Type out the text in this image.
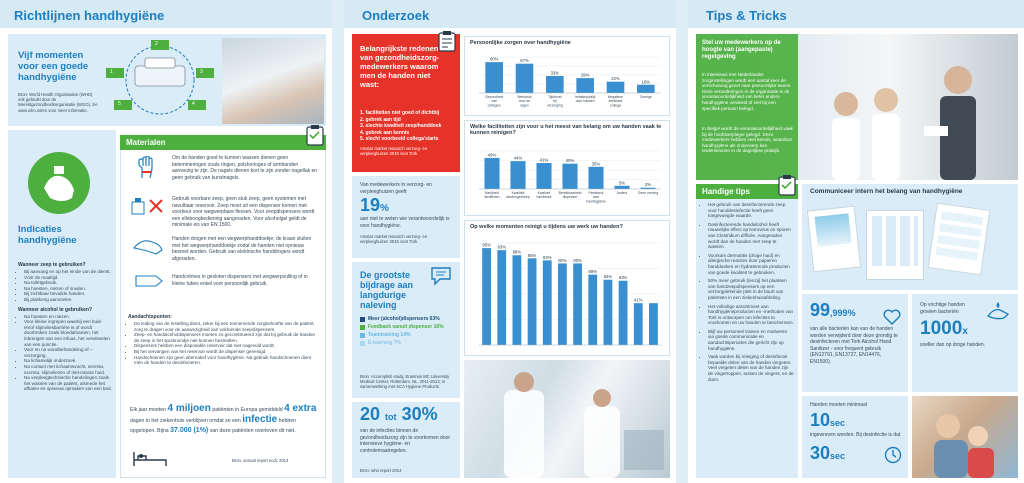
Richtlijnen handhygiëne
Vijf momenten voor een goede handhygiëne
Bron: World Health Organisation (WHO) ook gebruikt door de Wereldgezondheidsorganisatie (WGO), zie www.who.int/en voor meer informatie.
1
2
3
4
5
Indicaties handhygiëne
Wanneer zeep te gebruiken?
• Bij aanvang en op het einde van de dienst.
• Vóór de maaltijd.
• Na toiletgebruik.
• Na hoesten, niezen of snuiten.
• Bij zichtbaar bevuilde handen.
• Bij plakkerig aanvoelen.
Wanneer alcohol te gebruiken?
• Na hoesten en niezen.
• Voor kleine ingrepen waarbij een huid- en/of slijmvliesbarrière is of wordt doorbroken zoals bloedafnamen, het inbrengen van een infuus, het verwisselen van een punctie.
• Voor en na wondbehandeling of –verzorging.
• Na lichamelijk onderzoek.
• Na contact met lichaamsvocht, secreta, excreta, slijmvliezen of niet-intacte huid.
• Na verpleegtechnische handelingen zoals het wassen van de patiënt, alsmede het afhalen en opnieuw opmaken van een bed.
Materialen
Om de handen goed te kunnen wassen dienen geen belemmeringen zoals ringen, polshorloges of armbanden aanwezig te zijn. De nagels dienen kort te zijn zonder nagellak en geen gebruik van kunstnagels.
Gebruik voorbare zeep, geen stuk zeep, geen systemen met navulbaar reservoir. Zeep moet uit een dispenser komen met voorkeur voor wegwerpbare flessen. Voor zeepdispensers wordt een elleboogbediening aangeraden. Voor alcoholgel geldt de minimale eis van EN 1500.
Handen drogen met een wegwerphanddoekje; de kraan sluiten met het wegwerphanddoekje zodat de handen niet opnieuw besmet worden. Gebruik van elektrische handdrogers wordt afgeraden.
Handcrèmes in gesloten dispensers met wegwerpvulling of in kleine tubes enkel voor persoonlijk gebruik.
Aandachtspunten:
• De leiding van de instelling dient, zeker bij een toenemende zorgbehoefte van de patiënt, zorg te dragen voor de aanwezigheid van voldoende zeepdispensers.
• Zeep- en handalcoholdispensers moeten zo geconstrueerd zijn dat bij gebruik de handen de zeep in het spuitmondje niet kunnen besmetten.
• Dispensers hebben een disposable reservoir dat niet nagevuld wordt.
• Bij het vervangen van het reservoir wordt de dispenser gereinigd.
• Handschoenen zijn geen alternatief voor handhygiëne. Na gebruik handschoenen dient men de handen te desinfecteren.
Elk jaar moeten 4 miljoen patiënten in Europa gemiddeld 4 extra dagen in het ziekenhuis verblijven omdat ze een infectie hebben opgelopen. Bijna 37.000 (1%) van deze patiënten overleven dit niet.
Bron: annual report ecdc 2013
Onderzoek
Belangrijkste redenen van gezondheidszorg-medewerkers waarom men de handen niet wast:
1. faciliteiten niet goed of dichtbij
2. gebrek aan tijd
3. slechte kwaliteit zeep/handdoek
4. gebrek aan kennis
5. slecht voorbeeld collega's/arts
Amstar market research verzorg- en verpleeghuizen 2015 voor Tork
Van medewerkers in verzorg- en verpleeghuizen geeft
19%
aan niet te weten wie verantwoordelijk is voor handhygiëne.
Amstar market research verzorg- en verpleeghuizen 2015 voor Tork
De grootste bijdrage aan langdurige naleving
Meer (alcohol)dispensers 63%
Feedback vanuit dispenser 16%
Teamtraining 14%
E-learning 7%
Bron: Accomplish study, Erasmus MC University Medical Center, Rotterdam, NL, 2011-2013; in samenwerking met SCA Hygiene Products
20 tot 30%
van de infecties binnen de gezondheidszorg zijn te voorkomen door intensieve hygiëne- en controlemaatregelen.
Bron: who report 2014
Persoonlijke zorgen over handhygiëne
60%
Gezondheid
van
collega's
57%
Werkdruk
voor de
eigen
33%
Tijd/inzet
bij
verzorging
29%
Irritatie/pijnlijk
door handen
22%
Negatieve
feedback
collega
16%
Overige
Welke faciliteiten zijn voor u het meest van belang om uw handen vaak te kunnen reinigen?
49%
Nabijheid
faciliteiten
44%
Kwaliteit
alcoholgel/zeep
41%
Kwaliteit
handdoek
40%
Bereikbaarheid
dispenser
35%
Feedback
over
handhygiëne
5%
Anders
2%
Geen mening
Op welke momenten reinigt u tijdens uw werk uw handen?
95% 93%
88%
85% 83%
80% 80%
69%
64% 63%
41%
Tips & Tricks
Stel uw medewerkers op de hoogte van (aangepaste) regelgeving
In interviews met Nederlandse zorginstellingen wordt een aantal keer de verschuiving gezet naar persoonlijke teams. Deze veranderingen in de organisatie is de verantwoordelijkheid van beter andere handhygiëne verdeeld of niet bij een specifiek persoon belegd.
In België wordt de verantwoordelijkheid vaak bij de hoofdverpleger gelegd. Deze medewerkers hebben veel kennis, waardoor handhygiëne als onderwerp kan ondersteunen in de dagelijkse praktijk.
Handige tips
• Het gebruik van desinfecterende zeep voor handdesinfectie heeft geen toegevoegde waarde.
• Desinfecterende handalcohol heeft nauwelijks effect op Norovirus en sporen van Clostridium difficile. Aangeraden wordt dan de handen met zeep te wassen.
• Voorkom dermatitis (droge huid) en allergische reacties door papieren handdoeken en hydraterende producten van goede kwaliteit te gebruiken.
• 50% meer gebruik (tenzij) het plaatsen van handzeepdispensers op een verzorgplekende plek in de buurt van patiënten in een ziekenhuisafdeling.
• Het volledige assortiment aan handhygiëneproducten en -methoden van Tork is ontworpen om infecties te voorkomen en uw handen te beschermen.
• Blijf uw personeel trainen en motiveren via goede communicatie en aandachtsperiodes die gericht zijn op handhygiëne.
• Vaak worden bij reiniging of desinfectie bepaalde delen van de handen vergeten. Veel vergeten delen van de handen zijn de vingertoppen, tussen de vingers, en de duim.
Communiceer intern het belang van handhygiëne
99,999%
van alle bacteriën kan van de handen worden verwijderd door deze grondig te desinfecteren met Tork Alcohol Hand Sanitizer - voor frequent gebruik (EN12791, EN13727, EN14476, EN1500).
Op vochtige handen groeien bacteriën
1000x
sneller dan op droge handen.
Handen moeten minimaal
10sec
ingewreven worden. Bij desinfectie is dat
30sec
